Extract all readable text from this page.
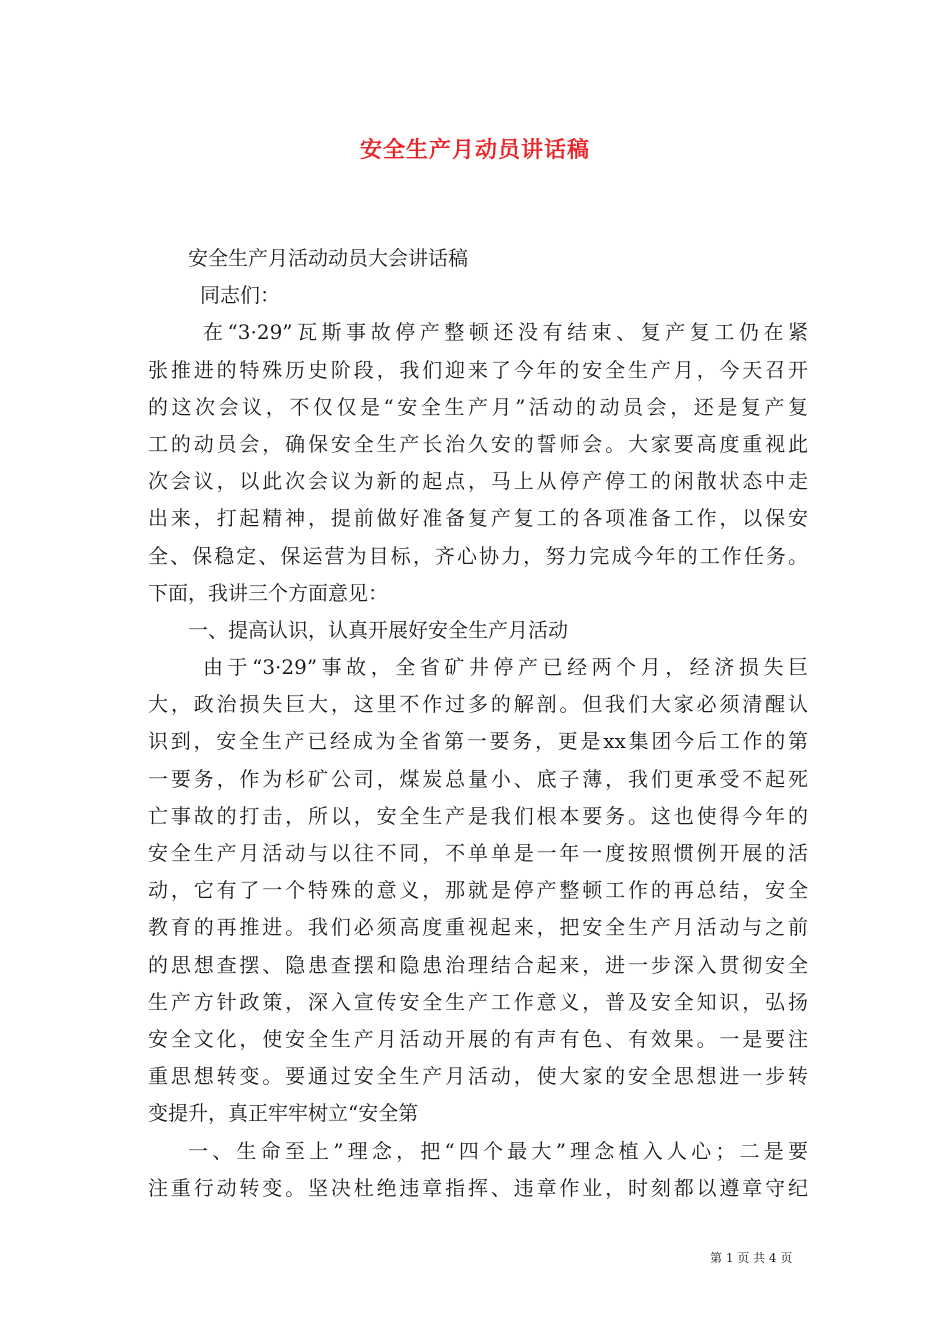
安全生产月动员讲话稿
安全生产月活动动员大会讲话稿
同志们：
在“3·29”瓦斯事故停产整顿还没有结束、复产复工仍在紧
张推进的特殊历史阶段，我们迎来了今年的安全生产月，今天召开
的这次会议，不仅仅是“安全生产月”活动的动员会，还是复产复
工的动员会，确保安全生产长治久安的誓师会。大家要高度重视此
次会议，以此次会议为新的起点，马上从停产停工的闲散状态中走
出来，打起精神，提前做好准备复产复工的各项准备工作，以保安
全、保稳定、保运营为目标，齐心协力，努力完成今年的工作任务。
下面，我讲三个方面意见：
一、提高认识，认真开展好安全生产月活动
由于“3·29”事故，全省矿井停产已经两个月，经济损失巨
大，政治损失巨大，这里不作过多的解剖。但我们大家必须清醒认
识到，安全生产已经成为全省第一要务，更是xx集团今后工作的第
一要务，作为杉矿公司，煤炭总量小、底子薄，我们更承受不起死
亡事故的打击，所以，安全生产是我们根本要务。这也使得今年的
安全生产月活动与以往不同，不单单是一年一度按照惯例开展的活
动，它有了一个特殊的意义，那就是停产整顿工作的再总结，安全
教育的再推进。我们必须高度重视起来，把安全生产月活动与之前
的思想查摆、隐患查摆和隐患治理结合起来，进一步深入贯彻安全
生产方针政策，深入宣传安全生产工作意义，普及安全知识，弘扬
安全文化，使安全生产月活动开展的有声有色、有效果。一是要注
重思想转变。要通过安全生产月活动，使大家的安全思想进一步转
变提升，真正牢牢树立“安全第
一、生命至上”理念，把“四个最大”理念植入人心；二是要
注重行动转变。坚决杜绝违章指挥、违章作业，时刻都以遵章守纪
第 1 页 共 4 页
